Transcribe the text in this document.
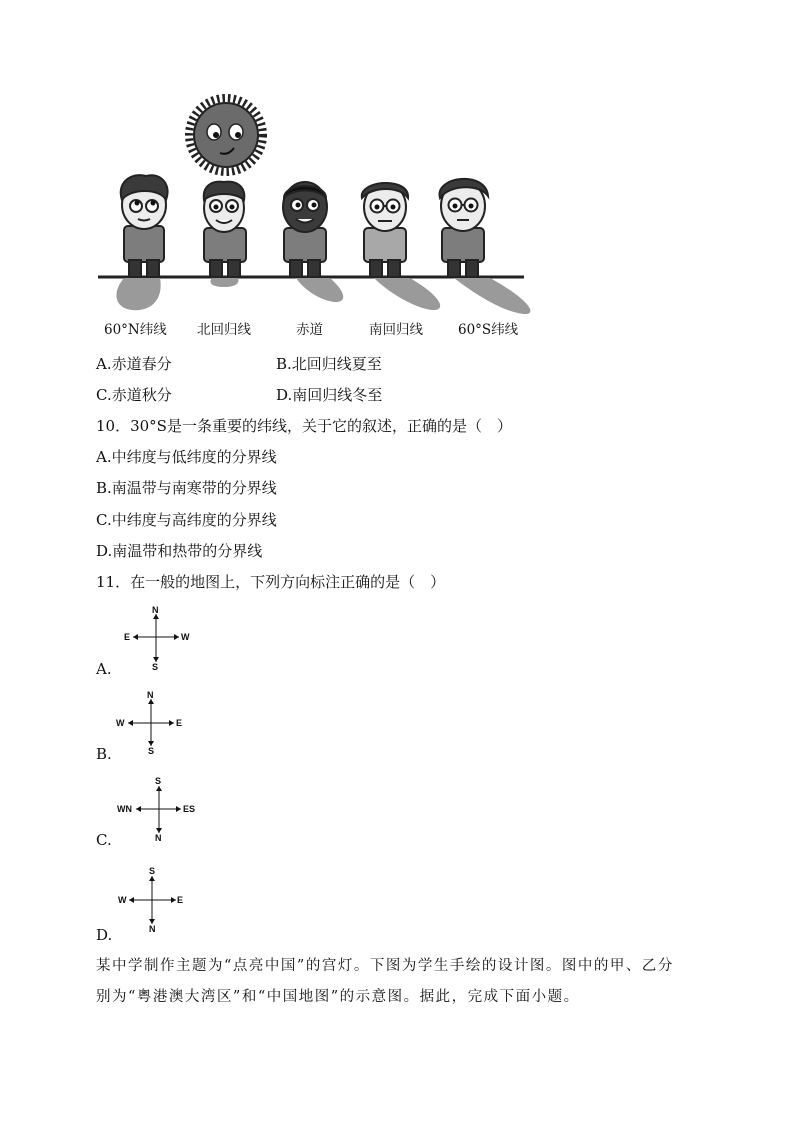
60°N纬线 北回归线	赤道	南回归线	60°S纬线
A.赤道春分	B.北回归线夏至
C.赤道秋分	D.南回归线冬至
10．30°S是一条重要的纬线，关于它的叙述，正确的是（　）
A.中纬度与低纬度的分界线
B.南温带与南寒带的分界线
C.中纬度与高纬度的分界线
D.南温带和热带的分界线
11．在一般的地图上，下列方向标注正确的是（　）
A.
N
S
E	W
B.
N
S
W	E
C.
S
N
WN	ES
D.
S
N
W	E
某中学制作主题为“点亮中国”的宫灯。下图为学生手绘的设计图。图中的甲、乙分
别为“粤港澳大湾区”和“中国地图”的示意图。据此，完成下面小题。
